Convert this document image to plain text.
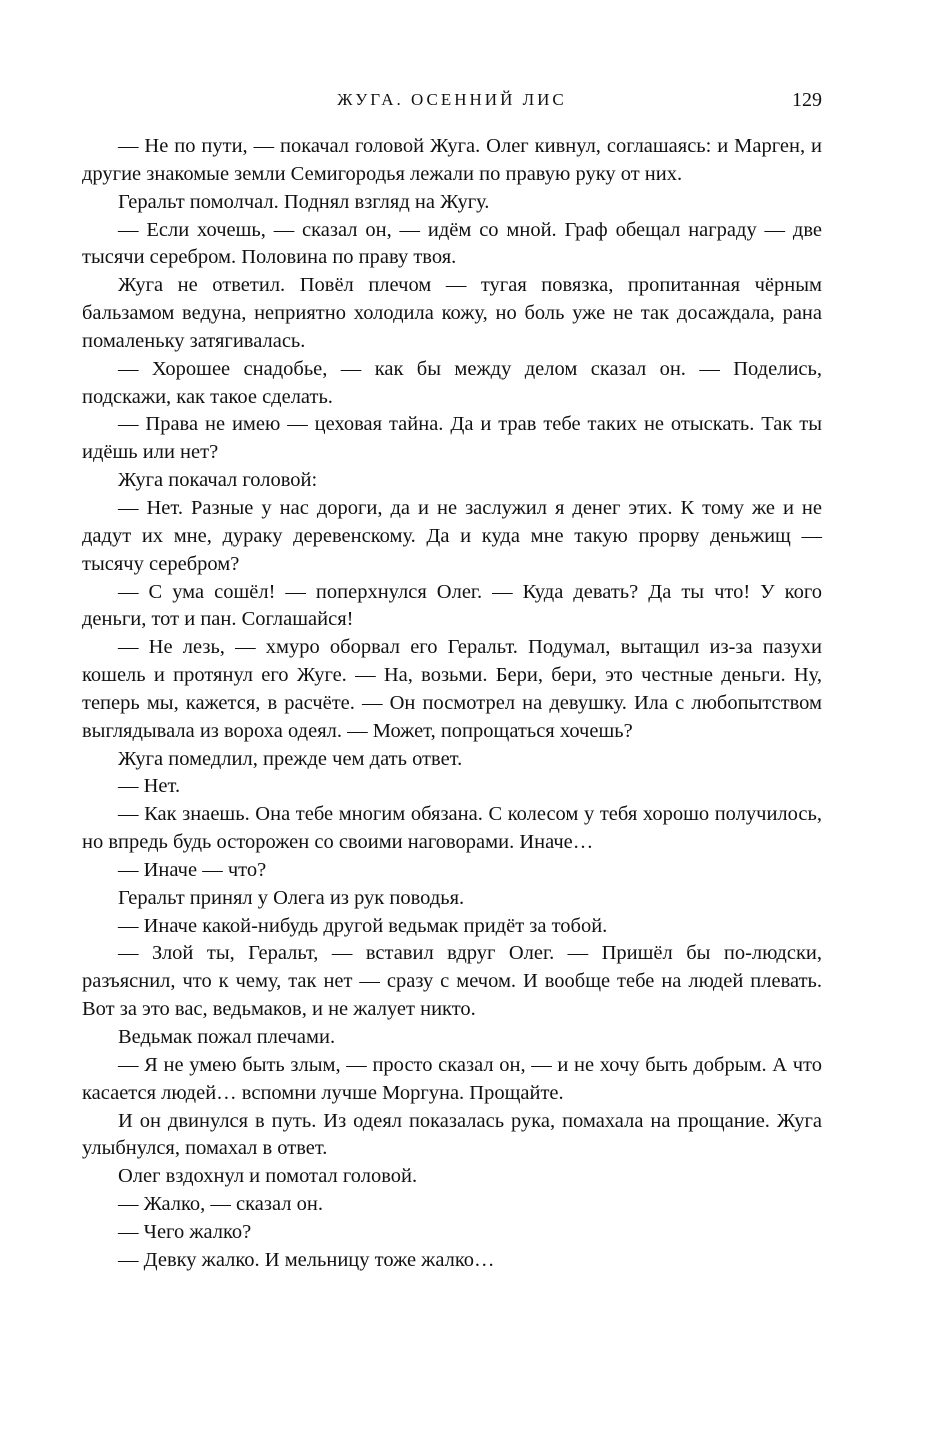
ЖУГА. ОСЕННИЙ ЛИС	129

— Не по пути, — покачал головой Жуга. Олег кивнул, соглашаясь: и Марген, и другие знакомые земли Семигородья лежали по правую руку от них.

Геральт помолчал. Поднял взгляд на Жугу.

— Если хочешь, — сказал он, — идём со мной. Граф обещал награду — две тысячи серебром. Половина по праву твоя.

Жуга не ответил. Повёл плечом — тугая повязка, пропитанная чёрным бальзамом ведуна, неприятно холодила кожу, но боль уже не так досаждала, рана помаленьку затягивалась.

— Хорошее снадобье, — как бы между делом сказал он. — Поделись, подскажи, как такое сделать.

— Права не имею — цеховая тайна. Да и трав тебе таких не отыскать. Так ты идёшь или нет?

Жуга покачал головой:

— Нет. Разные у нас дороги, да и не заслужил я денег этих. К тому же и не дадут их мне, дураку деревенскому. Да и куда мне такую прорву деньжищ — тысячу серебром?

— С ума сошёл! — поперхнулся Олег. — Куда девать? Да ты что! У кого деньги, тот и пан. Соглашайся!

— Не лезь, — хмуро оборвал его Геральт. Подумал, вытащил из-за пазухи кошель и протянул его Жуге. — На, возьми. Бери, бери, это честные деньги. Ну, теперь мы, кажется, в расчёте. — Он посмотрел на девушку. Ила с любопытством выглядывала из вороха одеял. — Может, попрощаться хочешь?

Жуга помедлил, прежде чем дать ответ.

— Нет.

— Как знаешь. Она тебе многим обязана. С колесом у тебя хорошо получилось, но впредь будь осторожен со своими наговорами. Иначе…

— Иначе — что?

Геральт принял у Олега из рук поводья.

— Иначе какой-нибудь другой ведьмак придёт за тобой.

— Злой ты, Геральт, — вставил вдруг Олег. — Пришёл бы по-людски, разъяснил, что к чему, так нет — сразу с мечом. И вообще тебе на людей плевать. Вот за это вас, ведьмаков, и не жалует никто.

Ведьмак пожал плечами.

— Я не умею быть злым, — просто сказал он, — и не хочу быть добрым. А что касается людей… вспомни лучше Моргуна. Прощайте.

И он двинулся в путь. Из одеял показалась рука, помахала на прощание. Жуга улыбнулся, помахал в ответ.

Олег вздохнул и помотал головой.

— Жалко, — сказал он.

— Чего жалко?

— Девку жалко. И мельницу тоже жалко…
